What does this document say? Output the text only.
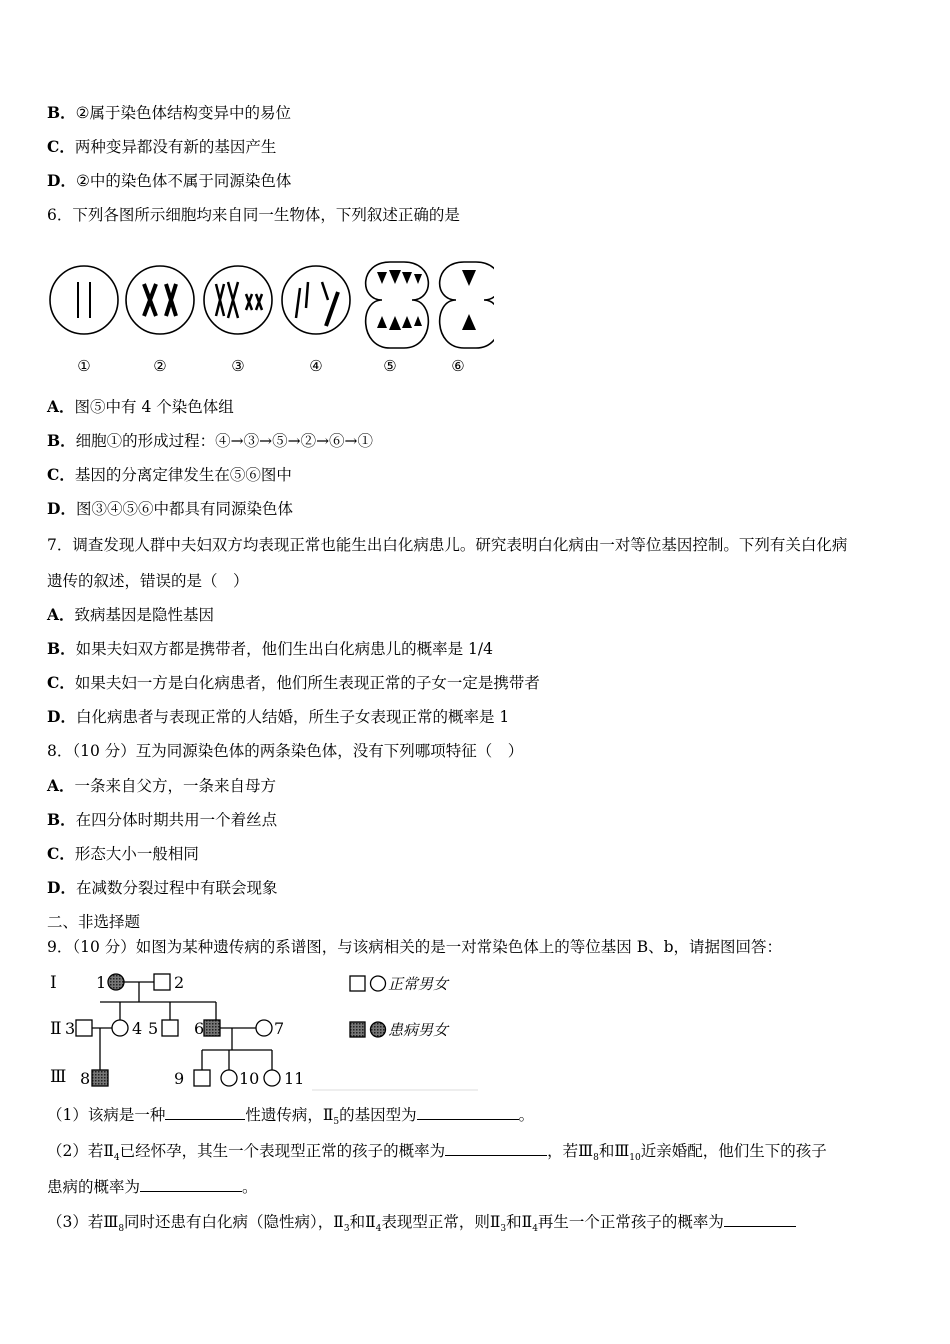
B．②属于染色体结构变异中的易位
C．两种变异都没有新的基因产生
D．②中的染色体不属于同源染色体
6．下列各图所示细胞均来自同一生物体，下列叙述正确的是
①	②	③	④	⑤	⑥
A．图⑤中有 4 个染色体组
B．细胞①的形成过程：④→③→⑤→②→⑥→①
C．基因的分离定律发生在⑤⑥图中
D．图③④⑤⑥中都具有同源染色体
7．调查发现人群中夫妇双方均表现正常也能生出白化病患儿。研究表明白化病由一对等位基因控制。下列有关白化病
遗传的叙述，错误的是（　）
A．致病基因是隐性基因
B．如果夫妇双方都是携带者，他们生出白化病患儿的概率是 1/4
C．如果夫妇一方是白化病患者，他们所生表现正常的子女一定是携带者
D．白化病患者与表现正常的人结婚，所生子女表现正常的概率是 1
8．（10 分）互为同源染色体的两条染色体，没有下列哪项特征（　）
A．一条来自父方，一条来自母方
B．在四分体时期共用一个着丝点
C．形态大小一般相同
D．在减数分裂过程中有联会现象
二、非选择题
9．（10 分）如图为某种遗传病的系谱图，与该病相关的是一对常染色体上的等位基因 B、b，请据图回答：
Ⅰ
Ⅱ
Ⅲ
1	2
3	4 5 6	7
8	9	10 11
正常男女
患病男女
（1）该病是一种	性遗传病，$Ⅱ_5$的基因型为	。
（2）若$Ⅱ_4$已经怀孕，其生一个表现型正常的孩子的概率为	，若$Ⅲ_8$和$Ⅲ_{10}$近亲婚配，他们生下的孩子
患病的概率为	。
（3）若$Ⅲ_8$同时还患有白化病（隐性病），$Ⅱ_3$和$Ⅱ_4$表现型正常，则$Ⅱ_3$和$Ⅱ_4$再生一个正常孩子的概率为
